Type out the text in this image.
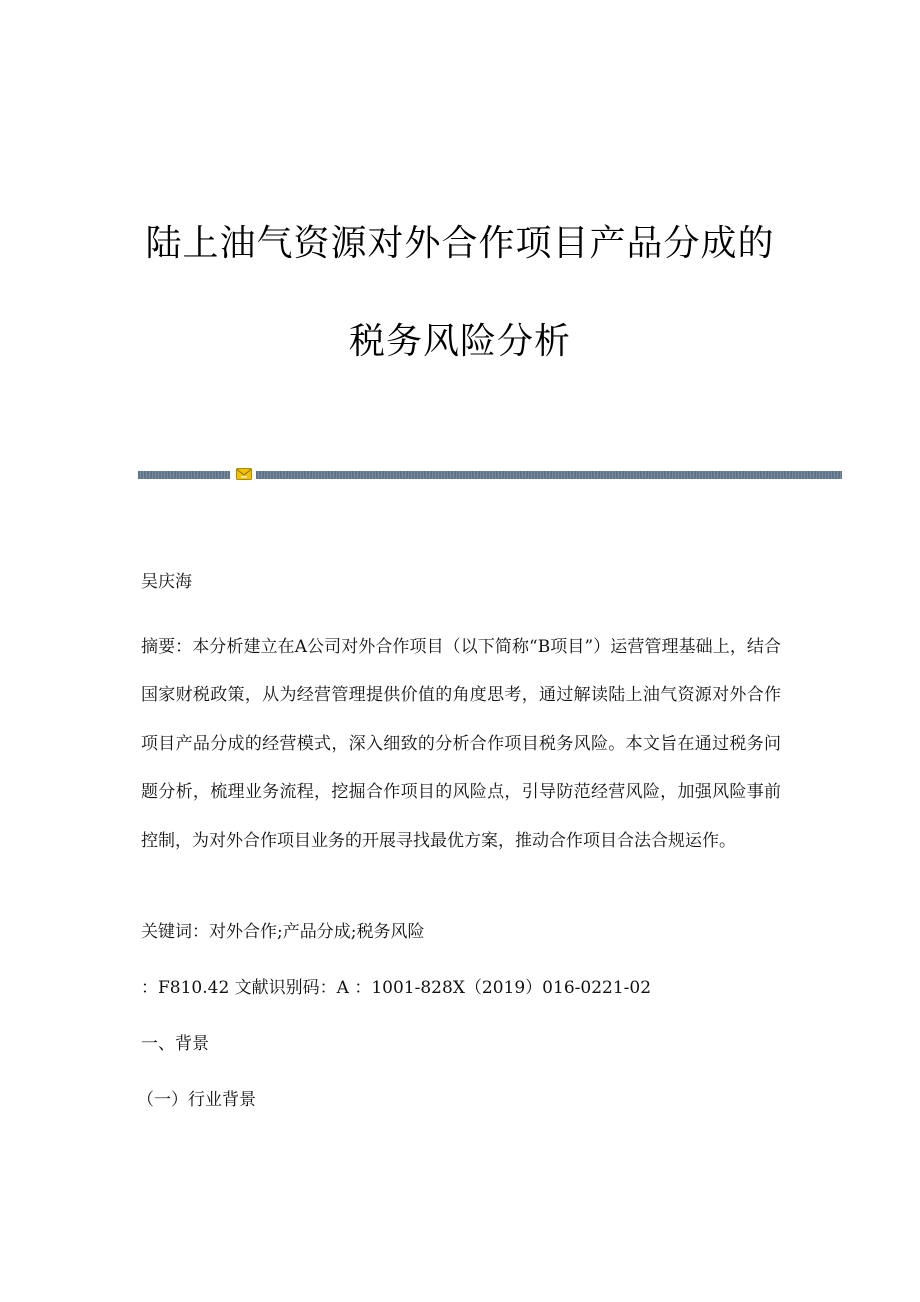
陆上油气资源对外合作项目产品分成的
税务风险分析
吴庆海
摘要：本分析建立在A公司对外合作项目（以下简称“B项目”）运营管理基础上，结合国家财税政策，从为经营管理提供价值的角度思考，通过解读陆上油气资源对外合作项目产品分成的经营模式，深入细致的分析合作项目税务风险。本文旨在通过税务问题分析，梳理业务流程，挖掘合作项目的风险点，引导防范经营风险，加强风险事前控制，为对外合作项目业务的开展寻找最优方案，推动合作项目合法合规运作。
关键词：对外合作;产品分成;税务风险
：F810.42 文献识别码：A ：1001-828X（2019）016-0221-02
一、背景
（一）行业背景
